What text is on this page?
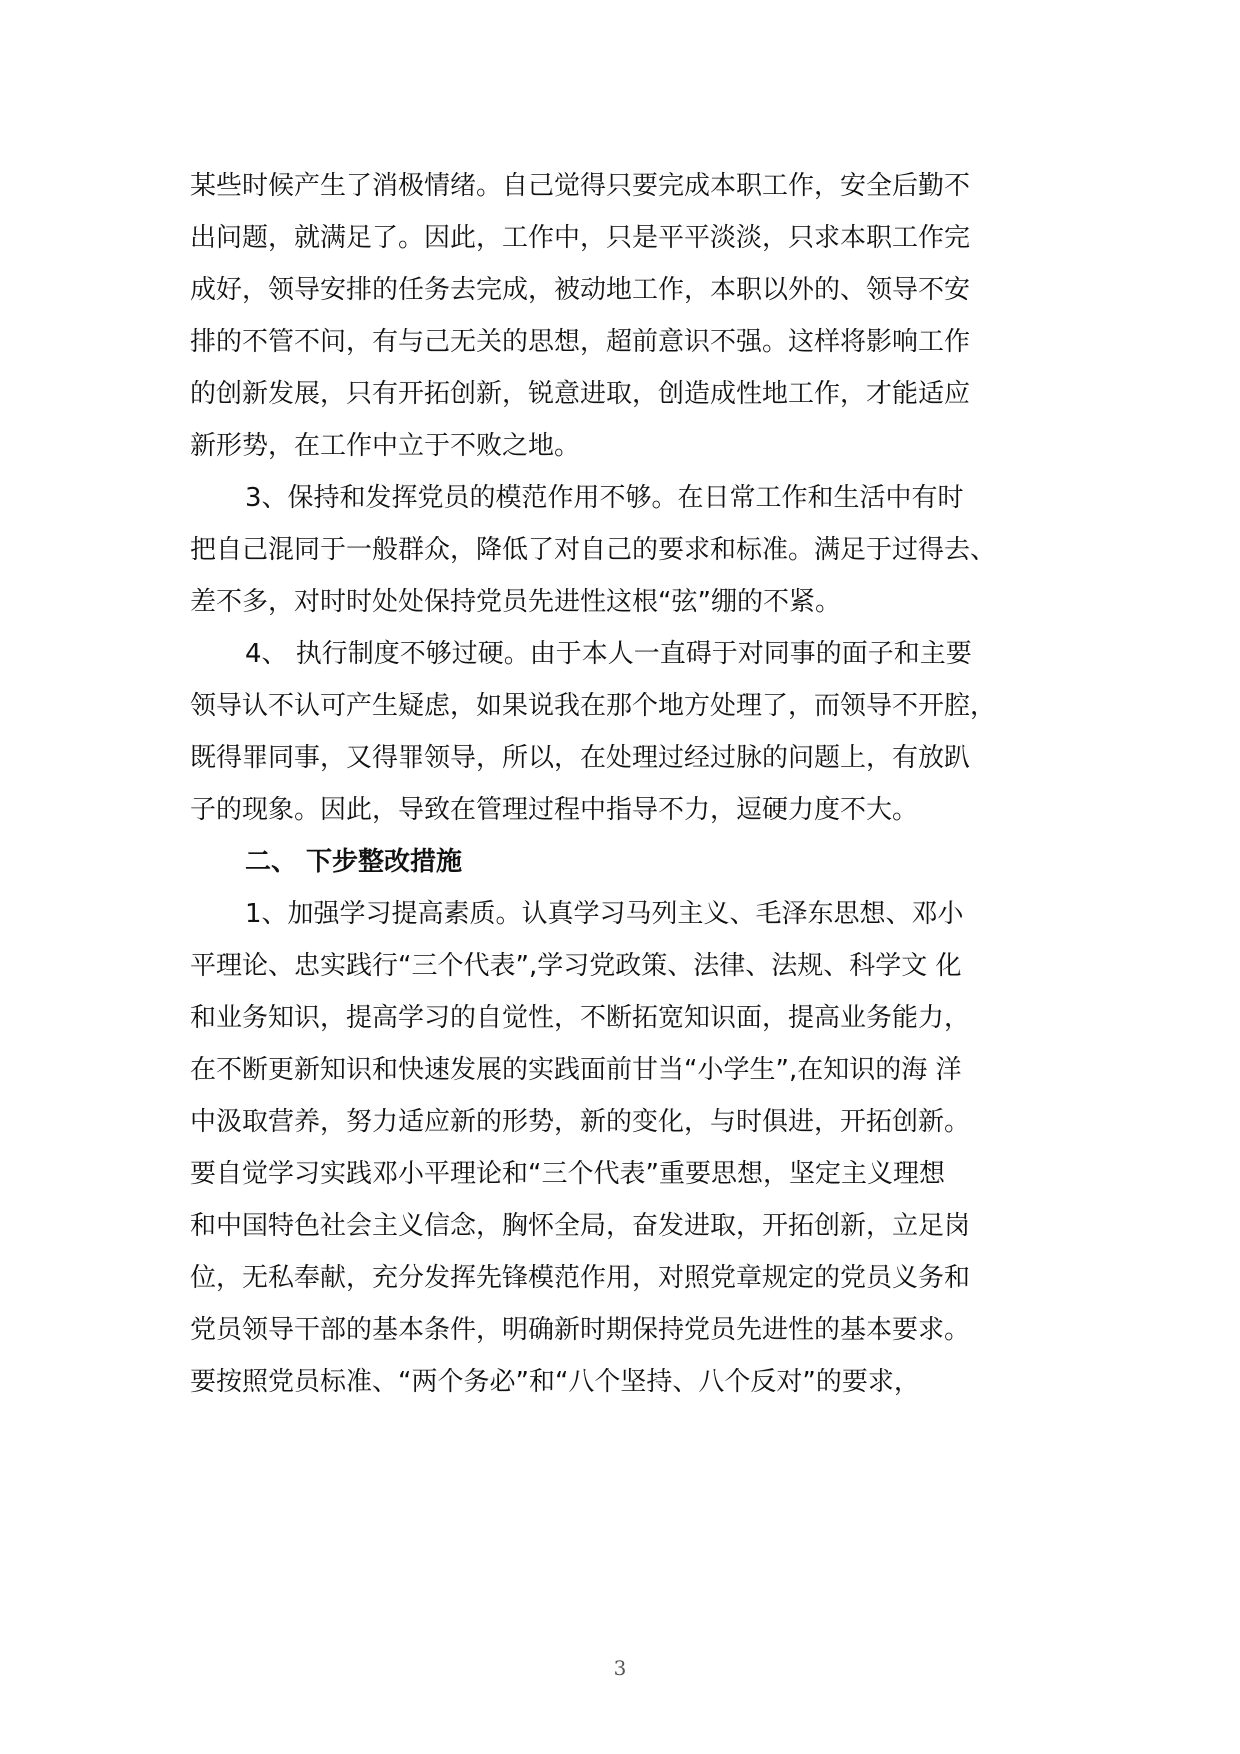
某些时候产生了消极情绪。自己觉得只要完成本职工作，安全后勤不
出问题，就满足了。因此，工作中，只是平平淡淡，只求本职工作完
成好，领导安排的任务去完成，被动地工作，本职以外的、领导不安
排的不管不问，有与己无关的思想，超前意识不强。这样将影响工作
的创新发展，只有开拓创新，锐意进取，创造成性地工作，才能适应
新形势，在工作中立于不败之地。
3、保持和发挥党员的模范作用不够。在日常工作和生活中有时
把自己混同于一般群众，降低了对自己的要求和标准。满足于过得去、
差不多，对时时处处保持党员先进性这根“弦”绷的不紧。
4、 执行制度不够过硬。由于本人一直碍于对同事的面子和主要
领导认不认可产生疑虑，如果说我在那个地方处理了，而领导不开腔，
既得罪同事，又得罪领导，所以，在处理过经过脉的问题上，有放趴
子的现象。因此，导致在管理过程中指导不力，逗硬力度不大。
二、 下步整改措施
1、加强学习提高素质。认真学习马列主义、毛泽东思想、邓小
平理论、忠实践行“三个代表”,学习党政策、法律、法规、科学文 化
和业务知识，提高学习的自觉性，不断拓宽知识面，提高业务能力，
在不断更新知识和快速发展的实践面前甘当“小学生”,在知识的海 洋
中汲取营养，努力适应新的形势，新的变化，与时俱进，开拓创新。
要自觉学习实践邓小平理论和“三个代表”重要思想，坚定主义理想
和中国特色社会主义信念，胸怀全局，奋发进取，开拓创新，立足岗
位，无私奉献，充分发挥先锋模范作用，对照党章规定的党员义务和
党员领导干部的基本条件，明确新时期保持党员先进性的基本要求。
要按照党员标准、“两个务必”和“八个坚持、八个反对”的要求，
3
